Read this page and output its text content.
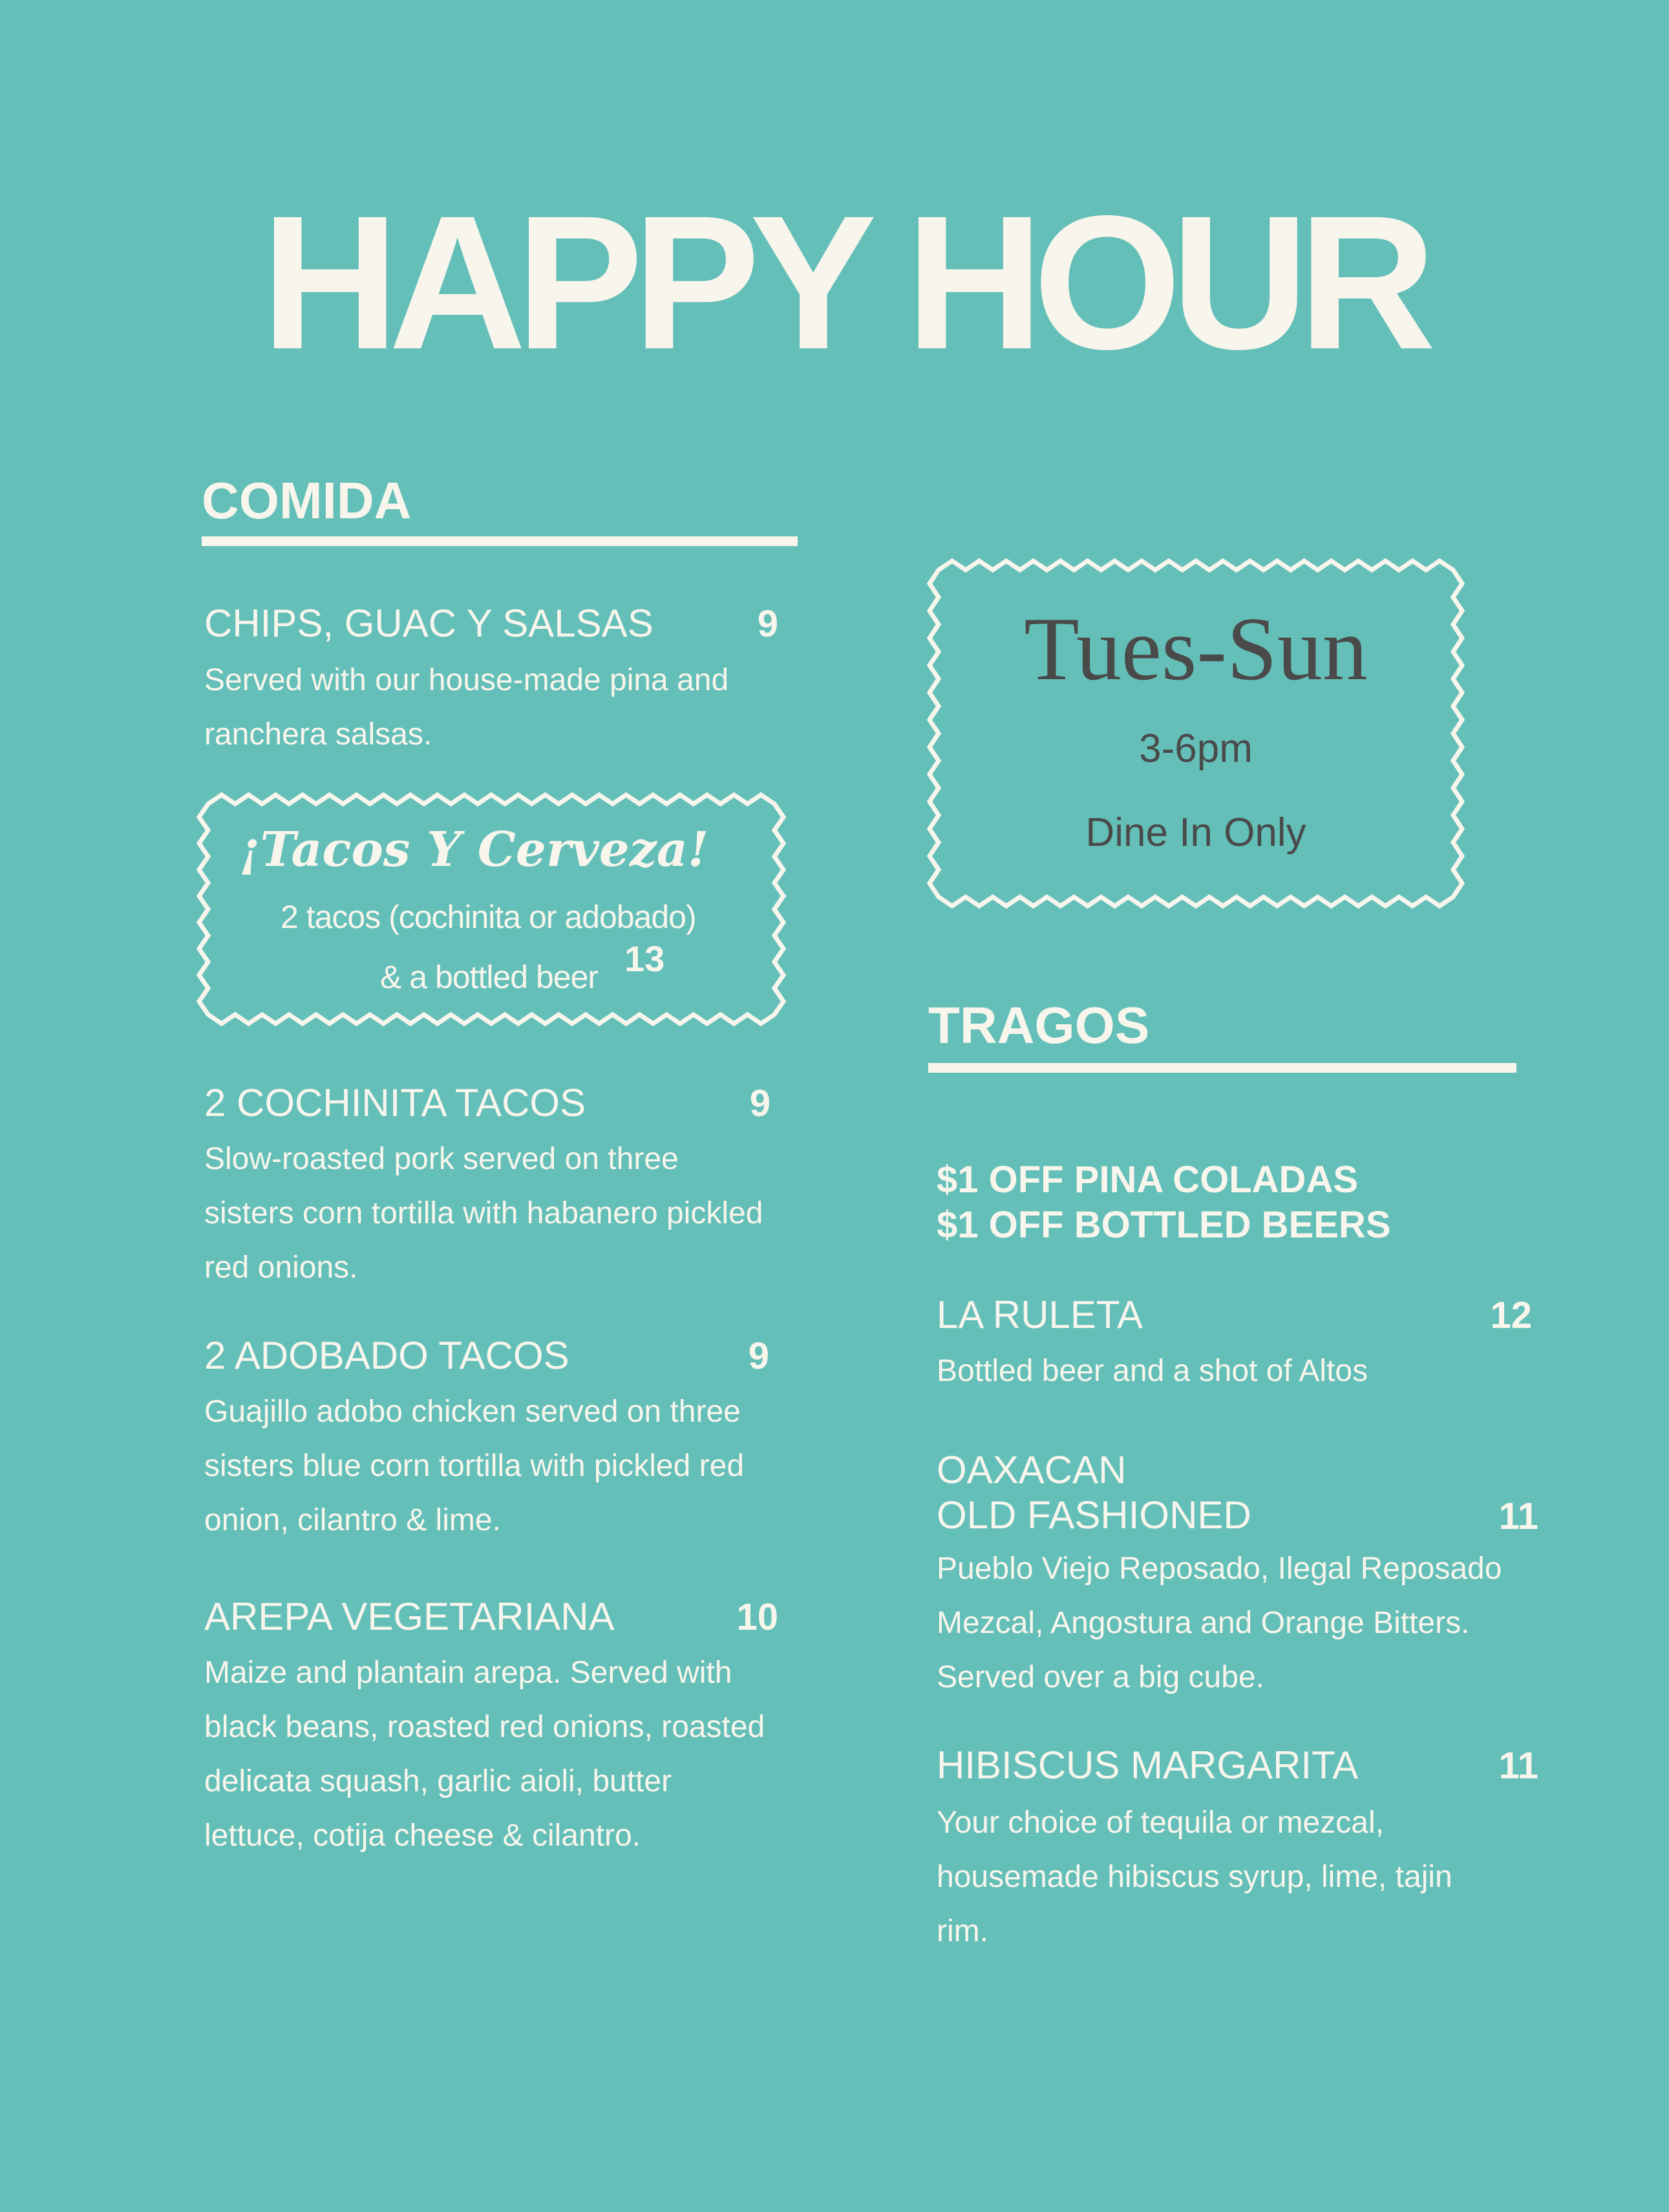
HAPPY HOUR
COMIDA
CHIPS, GUAC Y SALSAS	9
Served with our house-made pina and
ranchera salsas.
¡Tacos Y Cerveza!
2 tacos (cochinita or adobado)
& a bottled beer 13
2 COCHINITA TACOS	9
Slow-roasted pork served on three
sisters corn tortilla with habanero pickled
red onions.
2 ADOBADO TACOS	9
Guajillo adobo chicken served on three
sisters blue corn tortilla with pickled red
onion, cilantro & lime.
AREPA VEGETARIANA	10
Maize and plantain arepa. Served with
black beans, roasted red onions, roasted
delicata squash, garlic aioli, butter
lettuce, cotija cheese & cilantro.
Tues-Sun
3-6pm
Dine In Only
TRAGOS
$1 OFF PINA COLADAS
$1 OFF BOTTLED BEERS
LA RULETA	12
Bottled beer and a shot of Altos
OAXACAN
OLD FASHIONED	11
Pueblo Viejo Reposado, Ilegal Reposado
Mezcal, Angostura and Orange Bitters.
Served over a big cube.
HIBISCUS MARGARITA	11
Your choice of tequila or mezcal,
housemade hibiscus syrup, lime, tajin
rim.
